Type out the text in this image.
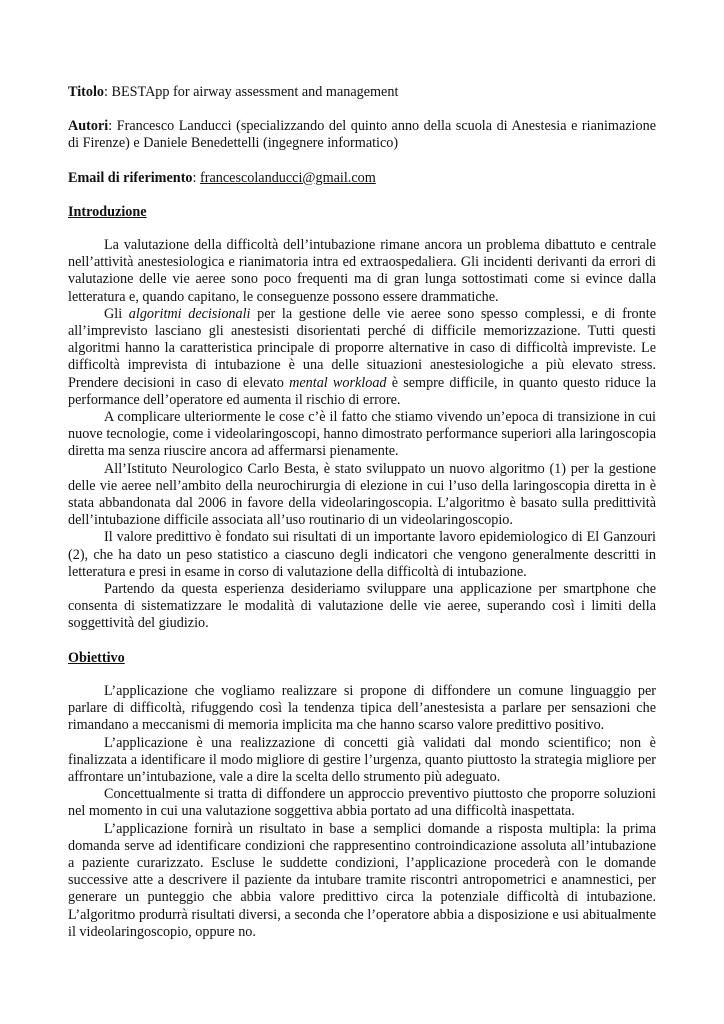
Titolo: BESTApp for airway assessment and management

Autori: Francesco Landucci (specializzando del quinto anno della scuola di Anestesia e rianimazione di Firenze) e Daniele Benedettelli (ingegnere informatico)

Email di riferimento: francescolanducci@gmail.com

Introduzione

La valutazione della difficoltà dell’intubazione rimane ancora un problema dibattuto e centrale nell’attività anestesiologica e rianimatoria intra ed extraospedaliera. Gli incidenti derivanti da errori di valutazione delle vie aeree sono poco frequenti ma di gran lunga sottostimati come si evince dalla letteratura e, quando capitano, le conseguenze possono essere drammatiche.

Gli algoritmi decisionali per la gestione delle vie aeree sono spesso complessi, e di fronte all’imprevisto lasciano gli anestesisti disorientati perché di difficile memorizzazione. Tutti questi algoritmi hanno la caratteristica principale di proporre alternative in caso di difficoltà impreviste. Le difficoltà imprevista di intubazione è una delle situazioni anestesiologiche a più elevato stress. Prendere decisioni in caso di elevato mental workload è sempre difficile, in quanto questo riduce la performance dell’operatore ed aumenta il rischio di errore.

A complicare ulteriormente le cose c’è il fatto che stiamo vivendo un’epoca di transizione in cui nuove tecnologie, come i videolaringoscopi, hanno dimostrato performance superiori alla laringoscopia diretta ma senza riuscire ancora ad affermarsi pienamente.

All’Istituto Neurologico Carlo Besta, è stato sviluppato un nuovo algoritmo (1) per la gestione delle vie aeree nell’ambito della neurochirurgia di elezione in cui l’uso della laringoscopia diretta in è stata abbandonata dal 2006 in favore della videolaringoscopia. L’algoritmo è basato sulla predittività dell’intubazione difficile associata all’uso routinario di un videolaringoscopio.

Il valore predittivo è fondato sui risultati di un importante lavoro epidemiologico di El Ganzouri (2), che ha dato un peso statistico a ciascuno degli indicatori che vengono generalmente descritti in letteratura e presi in esame in corso di valutazione della difficoltà di intubazione.

Partendo da questa esperienza desideriamo sviluppare una applicazione per smartphone che consenta di sistematizzare le modalità di valutazione delle vie aeree, superando così i limiti della soggettività del giudizio.

Obiettivo

L’applicazione che vogliamo realizzare si propone di diffondere un comune linguaggio per parlare di difficoltà, rifuggendo così la tendenza tipica dell’anestesista a parlare per sensazioni che rimandano a meccanismi di memoria implicita ma che hanno scarso valore predittivo positivo.

L’applicazione è una realizzazione di concetti già validati dal mondo scientifico; non è finalizzata a identificare il modo migliore di gestire l’urgenza, quanto piuttosto la strategia migliore per affrontare un’intubazione, vale a dire la scelta dello strumento più adeguato.

Concettualmente si tratta di diffondere un approccio preventivo piuttosto che proporre soluzioni nel momento in cui una valutazione soggettiva abbia portato ad una difficoltà inaspettata.

L’applicazione fornirà un risultato in base a semplici domande a risposta multipla: la prima domanda serve ad identificare condizioni che rappresentino controindicazione assoluta all’intubazione a paziente curarizzato. Escluse le suddette condizioni, l’applicazione procederà con le domande successive atte a descrivere il paziente da intubare tramite riscontri antropometrici e anamnestici, per generare un punteggio che abbia valore predittivo circa la potenziale difficoltà di intubazione. L’algoritmo produrrà risultati diversi, a seconda che l’operatore abbia a disposizione e usi abitualmente il videolaringoscopio, oppure no.
